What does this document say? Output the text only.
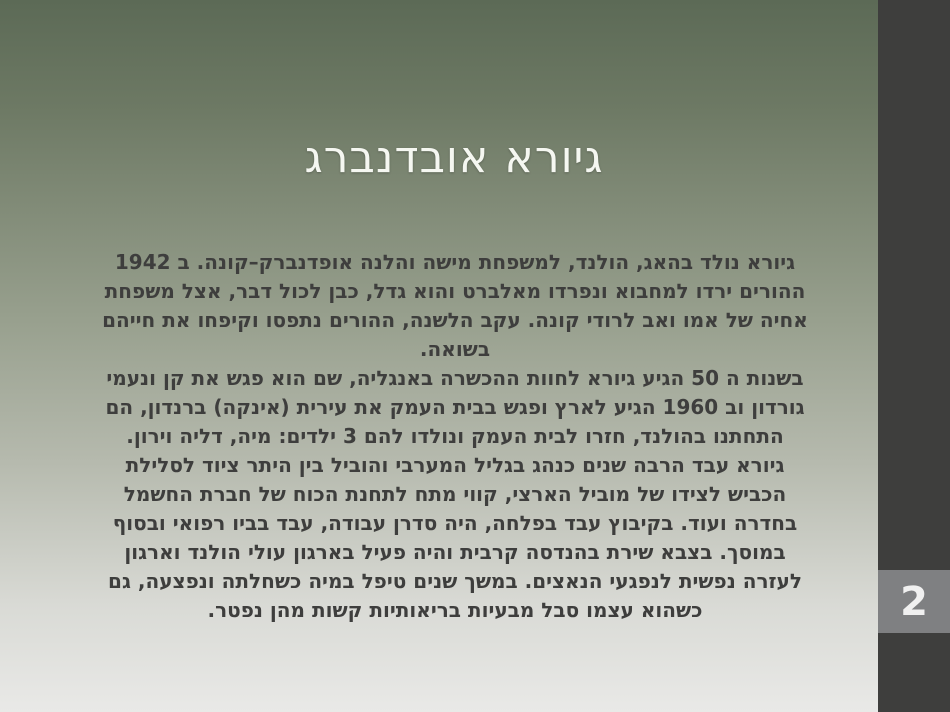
גיורא אובדנברג
גיורא נולד בהאג, הולנד, למשפחת מישה והלנה אופדנברק–קונה. ב 1942
ההורים ירדו למחבוא ונפרדו מאלברט והוא גדל, כבן לכול דבר, אצל משפחת
אחיה של אמו ואב לרודי קונה. עקב הלשנה, ההורים נתפסו וקיפחו את חייהם
בשואה.
בשנות ה 50 הגיע גיורא לחוות ההכשרה באנגליה, שם הוא פגש את קן ונעמי
גורדון וב 1960 הגיע לארץ ופגש בבית העמק את עירית (אינקה) ברנדון, הם
התחתנו בהולנד, חזרו לבית העמק ונולדו להם 3 ילדים: מיה, דליה וירון.
גיורא עבד הרבה שנים כנהג בגליל המערבי והוביל בין היתר ציוד לסלילת
הכביש לצידו של מוביל הארצי, קווי מתח לתחנת הכוח של חברת החשמל
בחדרה ועוד. בקיבוץ עבד בפלחה, היה סדרן עבודה, עבד בביו רפואי ובסוף
במוסך. בצבא שירת בהנדסה קרבית והיה פעיל בארגון עולי הולנד וארגון
לעזרה נפשית לנפגעי הנאצים. במשך שנים טיפל במיה כשחלתה ונפצעה, גם
כשהוא עצמו סבל מבעיות בריאותיות קשות מהן נפטר.	2
